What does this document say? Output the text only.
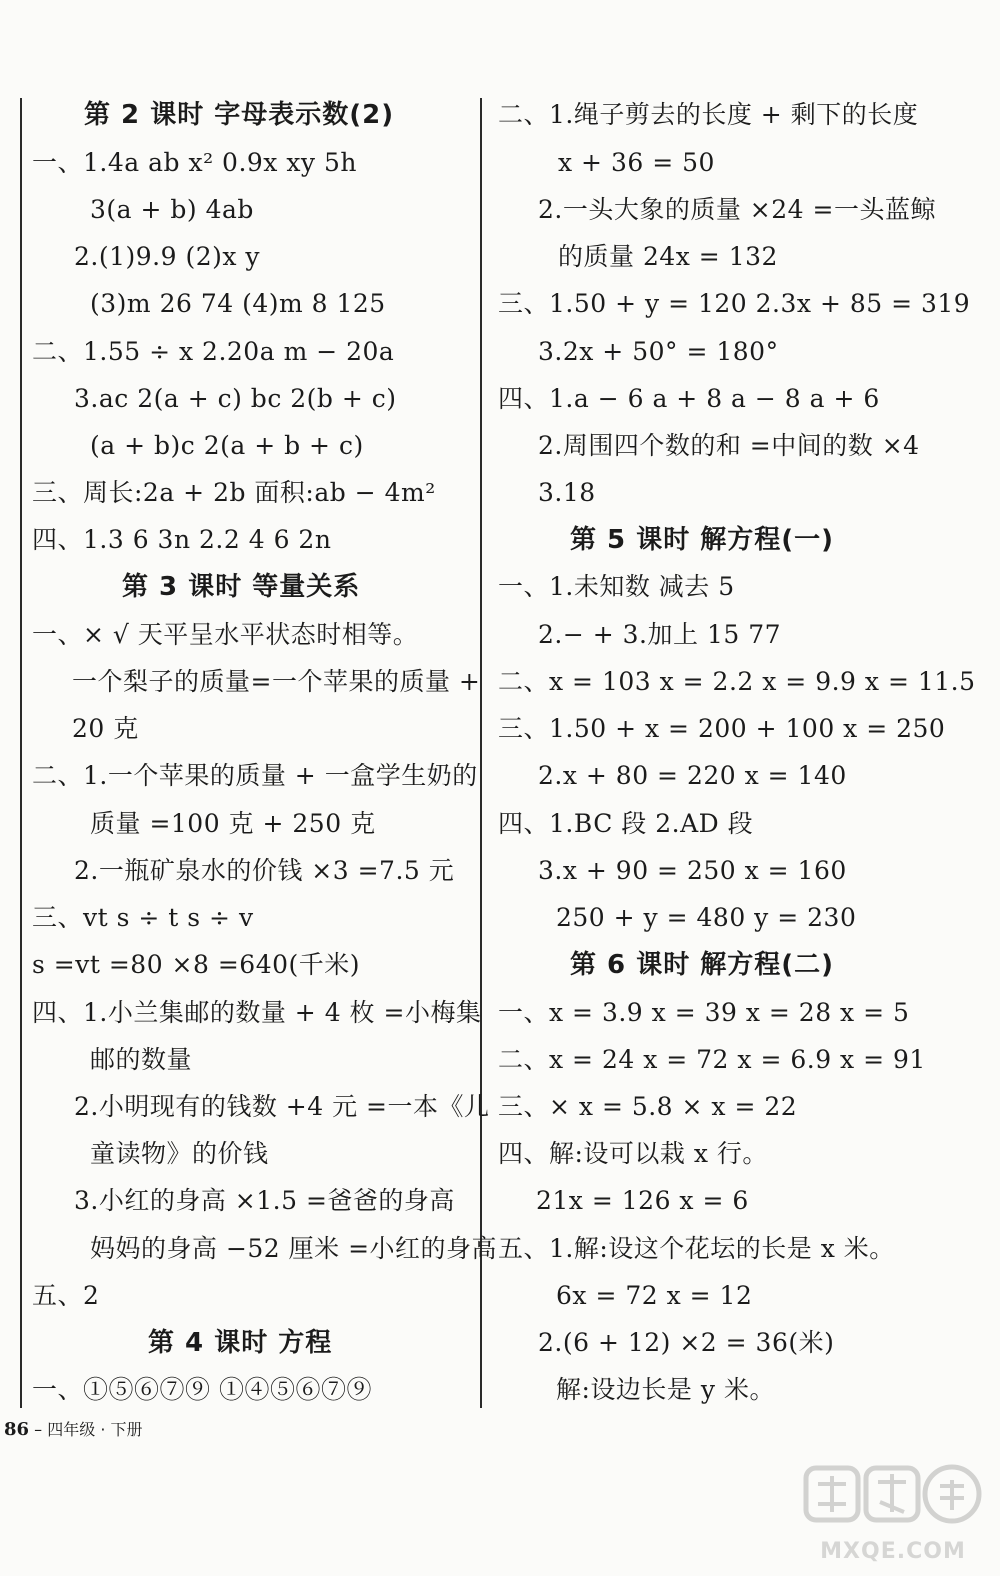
第 2 课时 字母表示数(2)
一、1.4a ab x² 0.9x xy 5h
3(a + b) 4ab
2.(1)9.9 (2)x y
(3)m 26 74 (4)m 8 125
二、1.55 ÷ x 2.20a m − 20a
3.ac 2(a + c) bc 2(b + c)
(a + b)c 2(a + b + c)
三、周长:2a + 2b 面积:ab − 4m²
四、1.3 6 3n 2.2 4 6 2n
第 3 课时 等量关系
一、× √ 天平呈水平状态时相等。
一个梨子的质量=一个苹果的质量 +
20 克
二、1.一个苹果的质量 + 一盒学生奶的
质量 =100 克 + 250 克
2.一瓶矿泉水的价钱 ×3 =7.5 元
三、vt s ÷ t s ÷ v
s =vt =80 ×8 =640(千米)
四、1.小兰集邮的数量 + 4 枚 =小梅集
邮的数量
2.小明现有的钱数 +4 元 =一本《儿
童读物》的价钱
3.小红的身高 ×1.5 =爸爸的身高
妈妈的身高 −52 厘米 =小红的身高
五、2
第 4 课时 方程
一、①⑤⑥⑦⑨ ①④⑤⑥⑦⑨
二、1.绳子剪去的长度 + 剩下的长度
x + 36 = 50
2.一头大象的质量 ×24 =一头蓝鲸
的质量 24x = 132
三、1.50 + y = 120 2.3x + 85 = 319
3.2x + 50° = 180°
四、1.a − 6 a + 8 a − 8 a + 6
2.周围四个数的和 =中间的数 ×4
3.18
第 5 课时 解方程(一)
一、1.未知数 减去 5
2.− + 3.加上 15 77
二、x = 103 x = 2.2 x = 9.9 x = 11.5
三、1.50 + x = 200 + 100 x = 250
2.x + 80 = 220 x = 140
四、1.BC 段 2.AD 段
3.x + 90 = 250 x = 160
250 + y = 480 y = 230
第 6 课时 解方程(二)
一、x = 3.9 x = 39 x = 28 x = 5
二、x = 24 x = 72 x = 6.9 x = 91
三、× x = 5.8 × x = 22
四、解:设可以栽 x 行。
21x = 126 x = 6
五、1.解:设这个花坛的长是 x 米。
6x = 72 x = 12
2.(6 + 12) ×2 = 36(米)
解:设边长是 y 米。
86 – 四年级 · 下册
MXQE.COM
